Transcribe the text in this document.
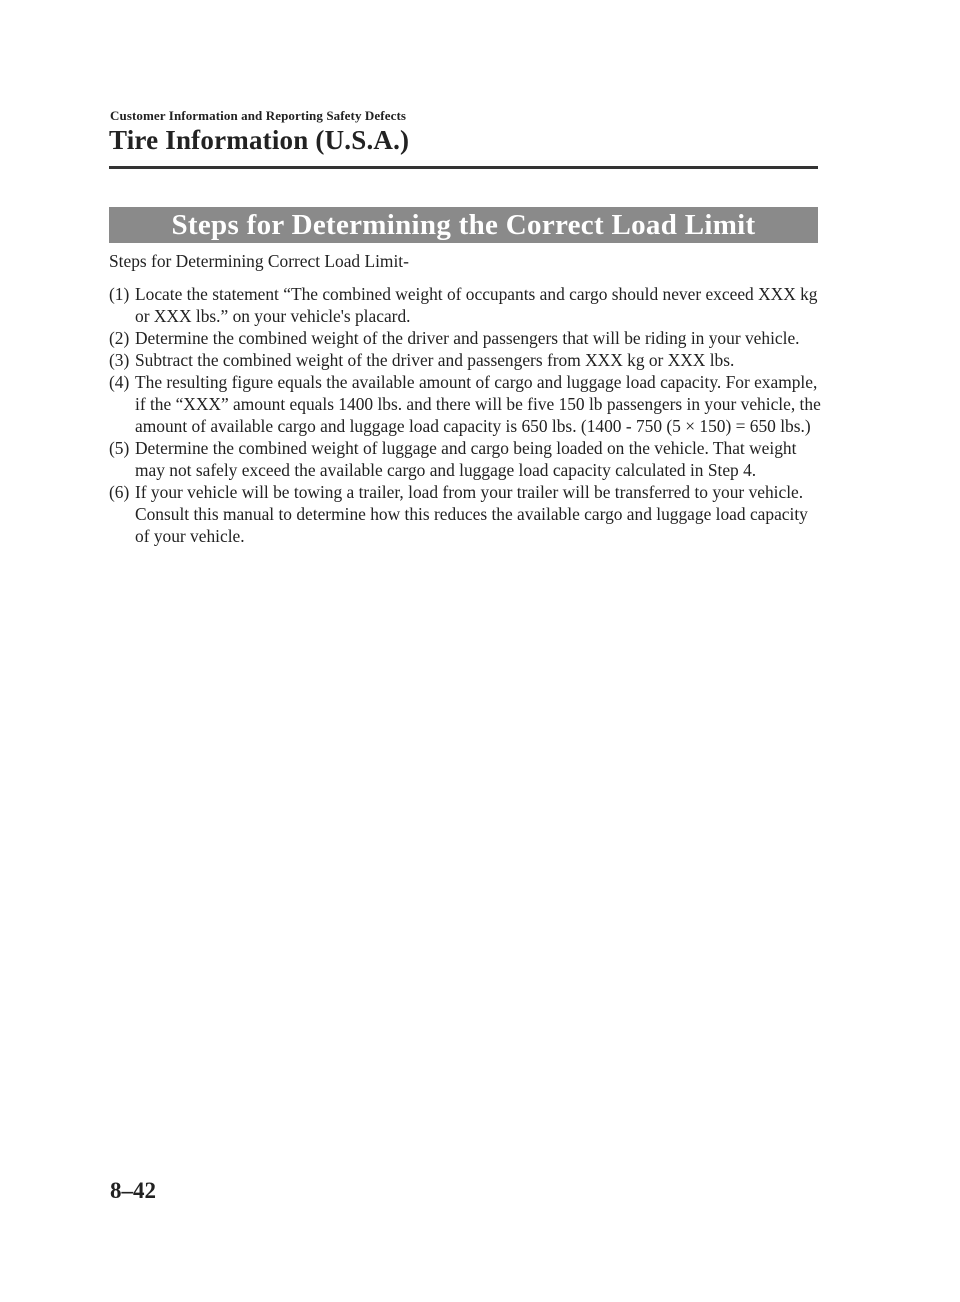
Customer Information and Reporting Safety Defects
Tire Information (U.S.A.)
Steps for Determining the Correct Load Limit

Steps for Determining Correct Load Limit-

(1) Locate the statement “The combined weight of occupants and cargo should never exceed XXX kg or XXX lbs.” on your vehicle's placard.
(2) Determine the combined weight of the driver and passengers that will be riding in your vehicle.
(3) Subtract the combined weight of the driver and passengers from XXX kg or XXX lbs.
(4) The resulting figure equals the available amount of cargo and luggage load capacity. For example, if the “XXX” amount equals 1400 lbs. and there will be five 150 lb passengers in your vehicle, the amount of available cargo and luggage load capacity is 650 lbs. (1400 - 750 (5 × 150) = 650 lbs.)
(5) Determine the combined weight of luggage and cargo being loaded on the vehicle. That weight may not safely exceed the available cargo and luggage load capacity calculated in Step 4.
(6) If your vehicle will be towing a trailer, load from your trailer will be transferred to your vehicle. Consult this manual to determine how this reduces the available cargo and luggage load capacity of your vehicle.
8–42
